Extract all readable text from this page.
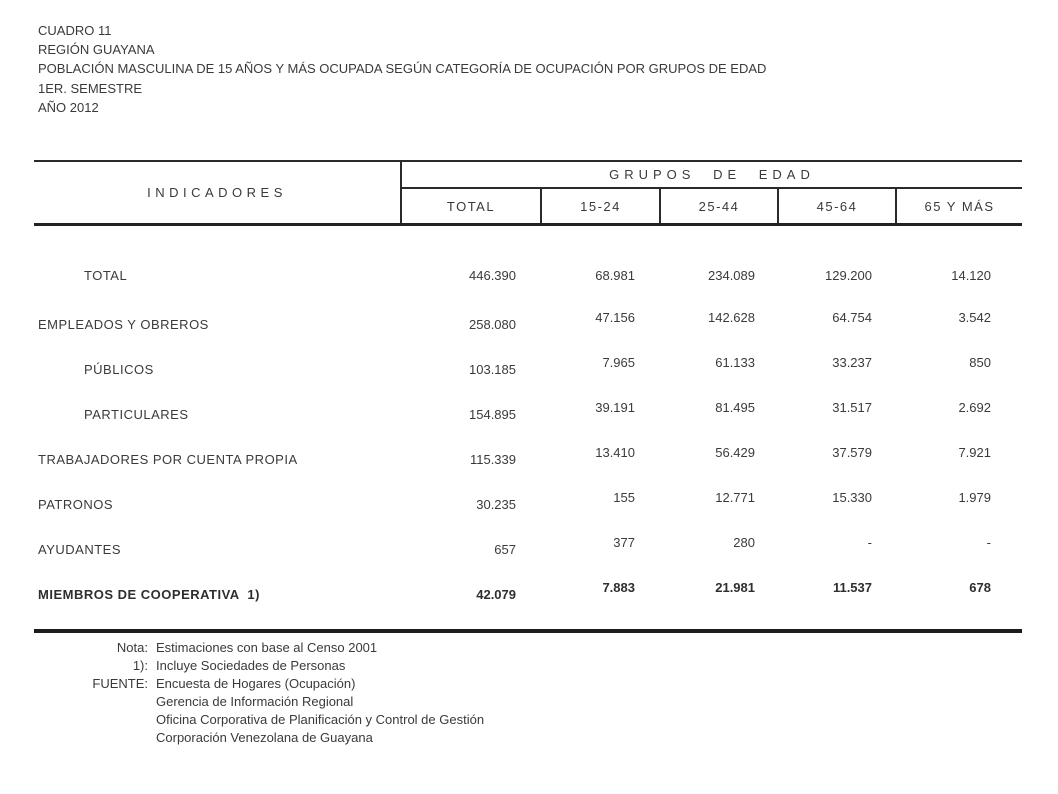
CUADRO 11
REGIÓN GUAYANA
POBLACIÓN MASCULINA DE 15 AÑOS Y MÁS OCUPADA SEGÚN CATEGORÍA DE OCUPACIÓN POR GRUPOS DE EDAD
1ER. SEMESTRE
AÑO 2012
INDICADORES
GRUPOS DE EDAD
TOTAL	15-24	25-44	45-64	65 Y MÁS
TOTAL	446.390	68.981	234.089	129.200	14.120
EMPLEADOS Y OBREROS	258.080	47.156	142.628	64.754	3.542
PÚBLICOS	103.185	7.965	61.133	33.237	850
PARTICULARES	154.895	39.191	81.495	31.517	2.692
TRABAJADORES POR CUENTA PROPIA	115.339	13.410	56.429	37.579	7.921
PATRONOS	30.235	155	12.771	15.330	1.979
AYUDANTES	657	377	280	-	-
MIEMBROS DE COOPERATIVA  1)	42.079	7.883	21.981	11.537	678
Nota: Estimaciones con base al Censo 2001
1): Incluye Sociedades de Personas
FUENTE: Encuesta de Hogares (Ocupación)
Gerencia de Información Regional
Oficina Corporativa de Planificación y Control de Gestión
Corporación Venezolana de Guayana
